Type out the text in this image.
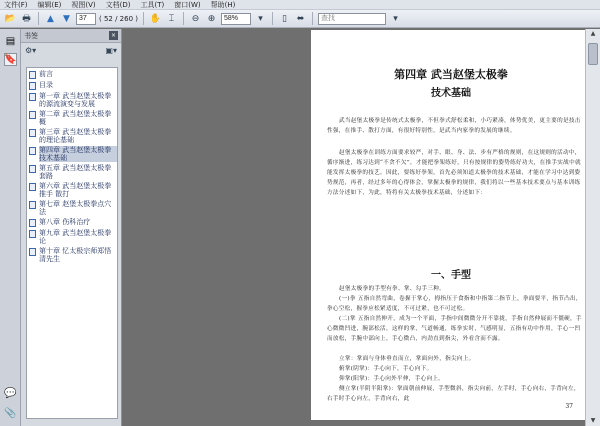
文件(F) 编辑(E) 视图(V) 文档(D) 工具(T) 窗口(W) 帮助(H)
📂 🖶	▲	▼
37	( 52 / 260 ) ✋ ⌶	⊖ ⊕
58%	▾	▯	⬌
查找	▾
▤
🔖
💬
📎
书签	×
⚙▾	▣▾
前言
目录
第一章 武当赵堡太极拳的源流演变与发展
第二章 武当赵堡太极拳概
第三章 武当赵堡太极拳的理论基础
第四章 武当赵堡太极拳技术基础
第五章 武当赵堡太极拳套路
第六章 武当赵堡太极拳推手 散打
第七章 赵堡太极拳点穴法
第八章 伤科治疗
第九章 武当赵堡太极拳论
第十章 忆太极宗师郑悟清先生
第四章 武当赵堡太极拳
技术基础
武当赵堡太极拳是传统式太极拳，不但拳式舒松柔和，小巧紧凑，体势优美，更主要的是技击性强，在推手、散打方面，有很好特别性，是武当内家拳的发展的继续。
赵堡太极拳在训练方面要求较严，对手、眼、身、法、步有严格的规则，在这规则的活动中，循序渐进，练习达到“不贪不欠”，才能把拳架练好，只有按规律的姿势练好功夫，在推手实战中就能发挥太极拳的技艺。因此，要练好拳架，首先必须知道太极拳的技术基础，才能在学习中达到姿势规范，再者，经过多年的心得体会，掌握太极拳的规律，我们将以一些基本技术要点与基本训练方法分述如下，为此，特将有关太极拳技术基础，分述如下：
一、手型
赵堡太极拳的手型有拳、掌、勾手三种。
(一)拳 五指自然弯曲，卷握于掌心，拇指压于食指和中指第二指节上，拳面要平，指节凸出，拳心空松，握拳应松紧适度，不可过紧，也不可过松。
(二)掌 五指自然伸开，成为一个平面，手指中间微微分开不靠拢，手指自然伸展而不僵硬，手心微微凹进，腕部松活，这样的掌，气道畅通，练拳实时，气感明显，五指有功中作用，手心一凹而放松，手腕中部向上，手心微凸，内劲直到指尖，外看含而不露。
立掌：掌面与身体垂直而立，掌面向外，指尖向上。
俯掌(阴掌)：手心向下，手心向下。
仰掌(阳掌)：手心向外平伸，手心向上。
侧立掌(半阴半阳掌)：掌面朝前伸展，手型微斜，指尖向前，左手时，手心向右，手背向左，右手时手心向左，手背向右，此
37
▲
▼
